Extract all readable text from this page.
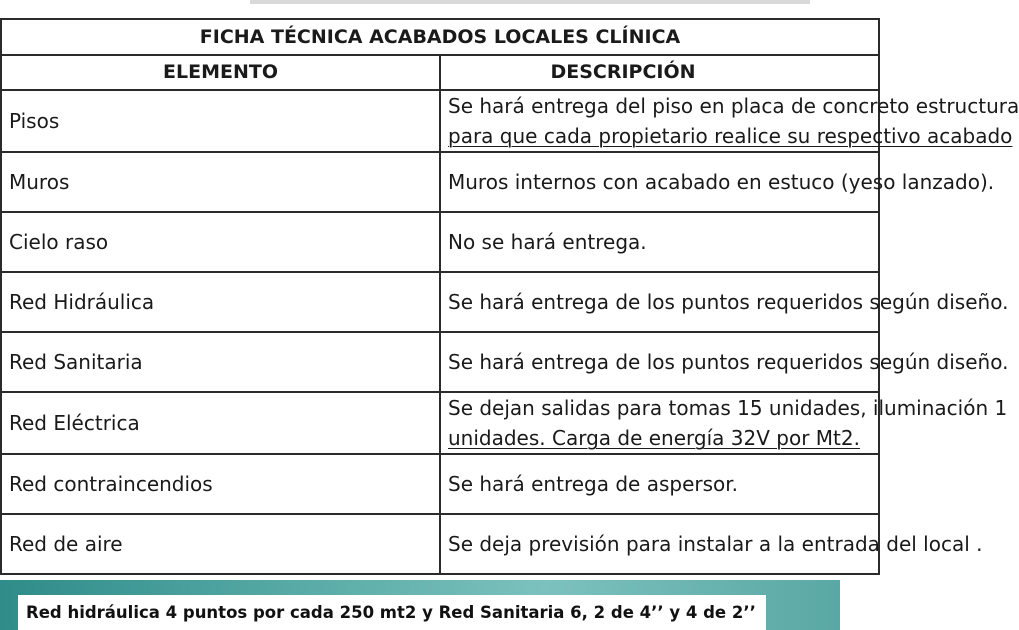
FICHA TÉCNICA ACABADOS LOCALES CLÍNICA	
ELEMENTO	DESCRIPCIÓN
Pisos	Se hará entrega del piso en placa de concreto estructura
para que cada propietario realice su respectivo acabado

Muros	Muros internos con acabado en estuco (yeso lanzado).

Cielo raso	No se hará entrega.

Red Hidráulica	Se hará entrega de los puntos requeridos según diseño.

Red Sanitaria	Se hará entrega de los puntos requeridos según diseño.

Red Eléctrica	Se dejan salidas para tomas 15 unidades, iluminación 1
unidades. Carga de energía 32V por Mt2.

Red contraincendios	Se hará entrega de aspersor.

Red de aire	Se deja previsión para instalar a la entrada del local .
Red hidráulica 4 puntos por cada 250 mt2 y Red Sanitaria 6, 2 de 4’’ y 4 de 2’’
